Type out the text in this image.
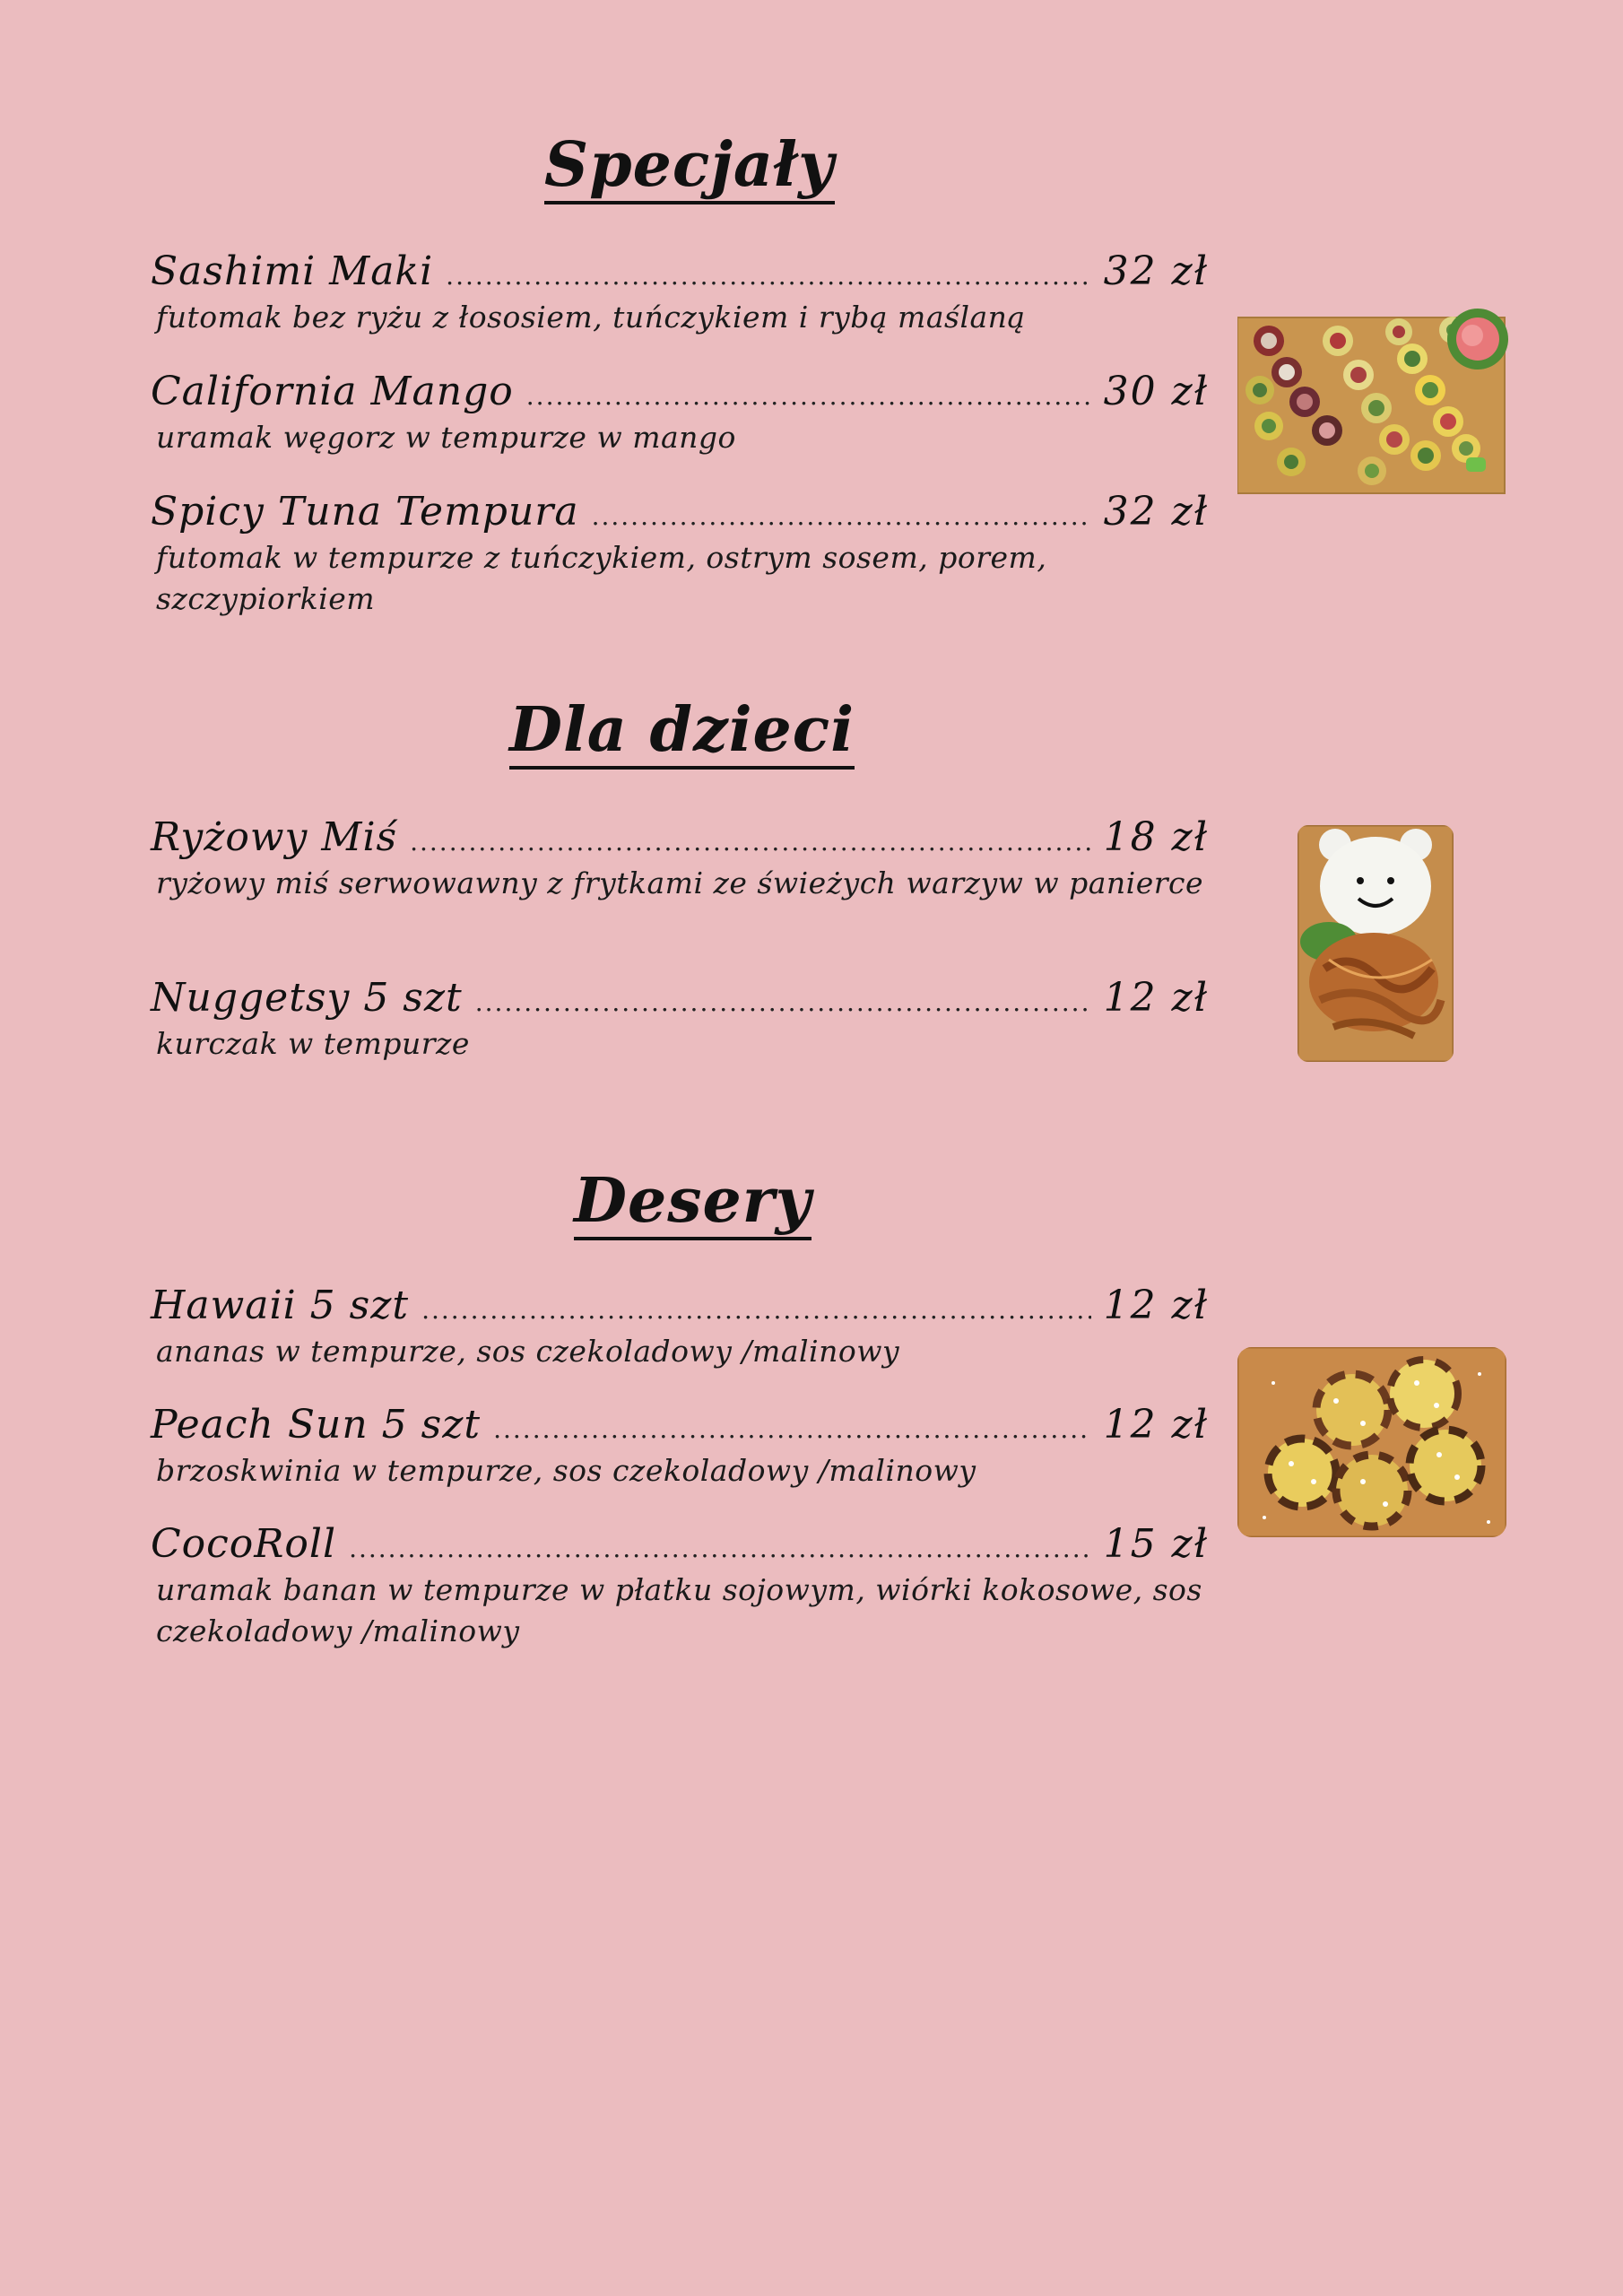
Specjały
Sashimi Maki .....	32 zł
futomak bez ryżu z łososiem, tuńczykiem i rybą maślaną
California Mango .....	30 zł
uramak węgorz w tempurze w mango
Spicy Tuna Tempura .....	32 zł
futomak w tempurze z tuńczykiem, ostrym sosem, porem, szczypiorkiem
Dla dzieci
Ryżowy Miś .....	18 zł
ryżowy miś serwowawny z frytkami ze świeżych warzyw w panierce
Nuggetsy 5 szt .....	12 zł
kurczak w tempurze
Desery
Hawaii 5 szt .....	12 zł
ananas w tempurze, sos czekoladowy /malinowy
Peach Sun 5 szt .....	12 zł
brzoskwinia w tempurze, sos czekoladowy /malinowy
CocoRoll .....	15 zł
uramak banan w tempurze w płatku sojowym, wiórki kokosowe, sos czekoladowy /malinowy
